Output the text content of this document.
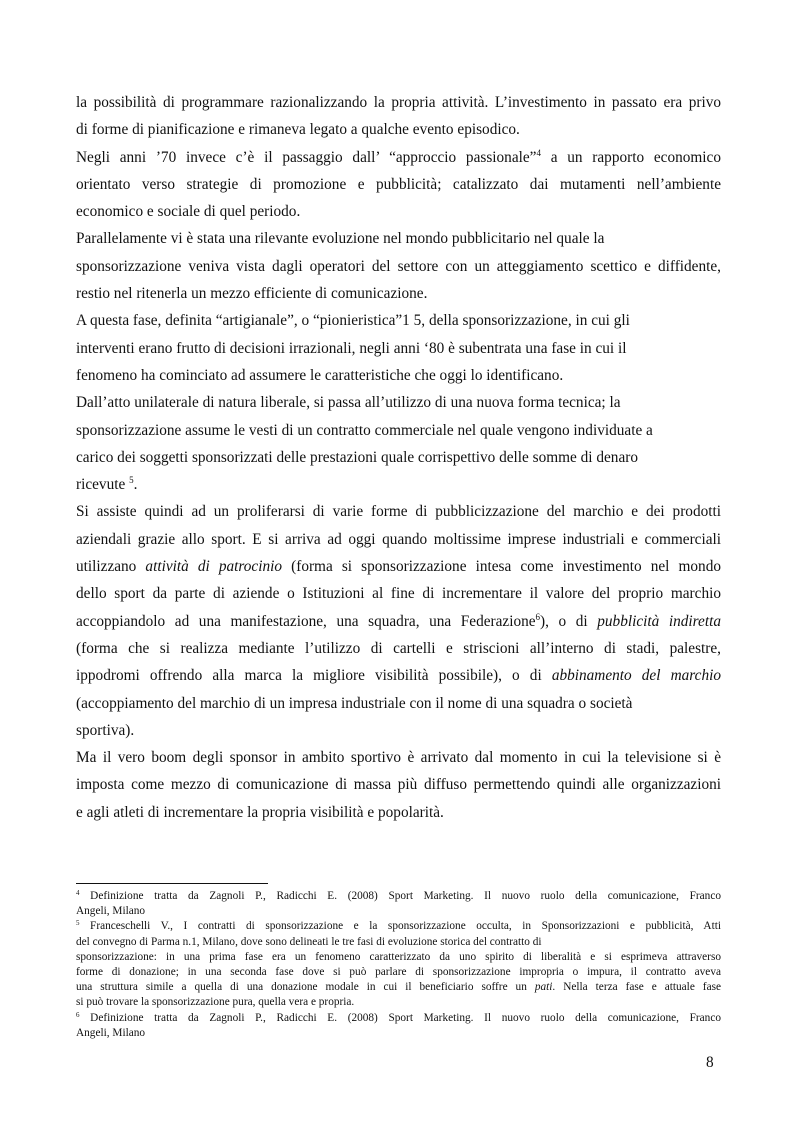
la possibilità di programmare razionalizzando la propria attività. L’investimento in passato era privo
di forme di pianificazione e rimaneva legato a qualche evento episodico.
Negli anni ’70 invece c’è il passaggio dall’ “approccio passionale”$^4$ a un rapporto economico
orientato verso strategie di promozione e pubblicità; catalizzato dai mutamenti nell’ambiente
economico e sociale di quel periodo.
Parallelamente vi è stata una rilevante evoluzione nel mondo pubblicitario nel quale la
sponsorizzazione veniva vista dagli operatori del settore con un atteggiamento scettico e diffidente,
restio nel ritenerla un mezzo efficiente di comunicazione.
A questa fase, definita “artigianale”, o “pionieristica”1 5, della sponsorizzazione, in cui gli
interventi erano frutto di decisioni irrazionali, negli anni ‘80 è subentrata una fase in cui il
fenomeno ha cominciato ad assumere le caratteristiche che oggi lo identificano.
Dall’atto unilaterale di natura liberale, si passa all’utilizzo di una nuova forma tecnica; la
sponsorizzazione assume le vesti di un contratto commerciale nel quale vengono individuate a
carico dei soggetti sponsorizzati delle prestazioni quale corrispettivo delle somme di denaro
ricevute $^5$.
Si assiste quindi ad un proliferarsi di varie forme di pubblicizzazione del marchio e dei prodotti
aziendali grazie allo sport. E si arriva ad oggi quando moltissime imprese industriali e commerciali
utilizzano attività di patrocinio (forma si sponsorizzazione intesa come investimento nel mondo
dello sport da parte di aziende o Istituzioni al fine di incrementare il valore del proprio marchio
accoppiandolo ad una manifestazione, una squadra, una Federazione$^6$), o di pubblicità indiretta
(forma che si realizza mediante l’utilizzo di cartelli e striscioni all’interno di stadi, palestre,
ippodromi offrendo alla marca la migliore visibilità possibile), o di abbinamento del marchio
(accoppiamento del marchio di un impresa industriale con il nome di una squadra o società
sportiva).
Ma il vero boom degli sponsor in ambito sportivo è arrivato dal momento in cui la televisione si è
imposta come mezzo di comunicazione di massa più diffuso permettendo quindi alle organizzazioni
e agli atleti di incrementare la propria visibilità e popolarità.
$^4$ Definizione tratta da Zagnoli P., Radicchi E. (2008) Sport Marketing. Il nuovo ruolo della comunicazione, Franco
Angeli, Milano
$^5$ Franceschelli V., I contratti di sponsorizzazione e la sponsorizzazione occulta, in Sponsorizzazioni e pubblicità, Atti
del convegno di Parma n.1, Milano, dove sono delineati le tre fasi di evoluzione storica del contratto di
sponsorizzazione: in una prima fase era un fenomeno caratterizzato da uno spirito di liberalità e si esprimeva attraverso
forme di donazione; in una seconda fase dove si può parlare di sponsorizzazione impropria o impura, il contratto aveva
una struttura simile a quella di una donazione modale in cui il beneficiario soffre un pati. Nella terza fase e attuale fase
si può trovare la sponsorizzazione pura, quella vera e propria.
$^6$ Definizione tratta da Zagnoli P., Radicchi E. (2008) Sport Marketing. Il nuovo ruolo della comunicazione, Franco
Angeli, Milano
8
